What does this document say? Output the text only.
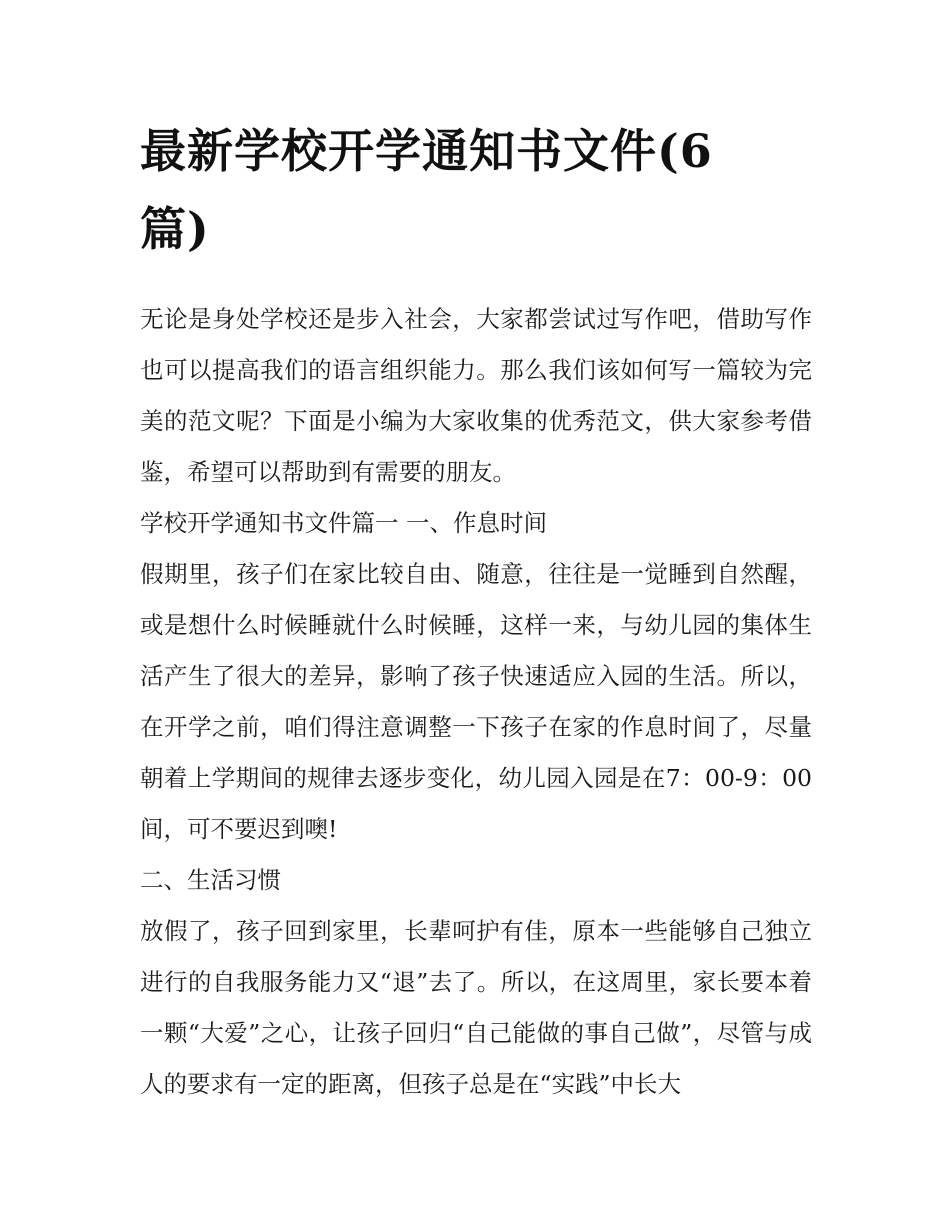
最新学校开学通知书文件(6篇)

无论是身处学校还是步入社会，大家都尝试过写作吧，借助写作也可以提高我们的语言组织能力。那么我们该如何写一篇较为完美的范文呢？下面是小编为大家收集的优秀范文，供大家参考借鉴，希望可以帮助到有需要的朋友。

学校开学通知书文件篇一 一、作息时间

假期里，孩子们在家比较自由、随意，往往是一觉睡到自然醒，或是想什么时候睡就什么时候睡，这样一来，与幼儿园的集体生活产生了很大的差异，影响了孩子快速适应入园的生活。所以，在开学之前，咱们得注意调整一下孩子在家的作息时间了，尽量朝着上学期间的规律去逐步变化，幼儿园入园是在7：00-9：00间，可不要迟到噢!

二、生活习惯

放假了，孩子回到家里，长辈呵护有佳，原本一些能够自己独立进行的自我服务能力又“退”去了。所以，在这周里，家长要本着一颗“大爱”之心，让孩子回归“自己能做的事自己做”，尽管与成人的要求有一定的距离，但孩子总是在“实践”中长大
